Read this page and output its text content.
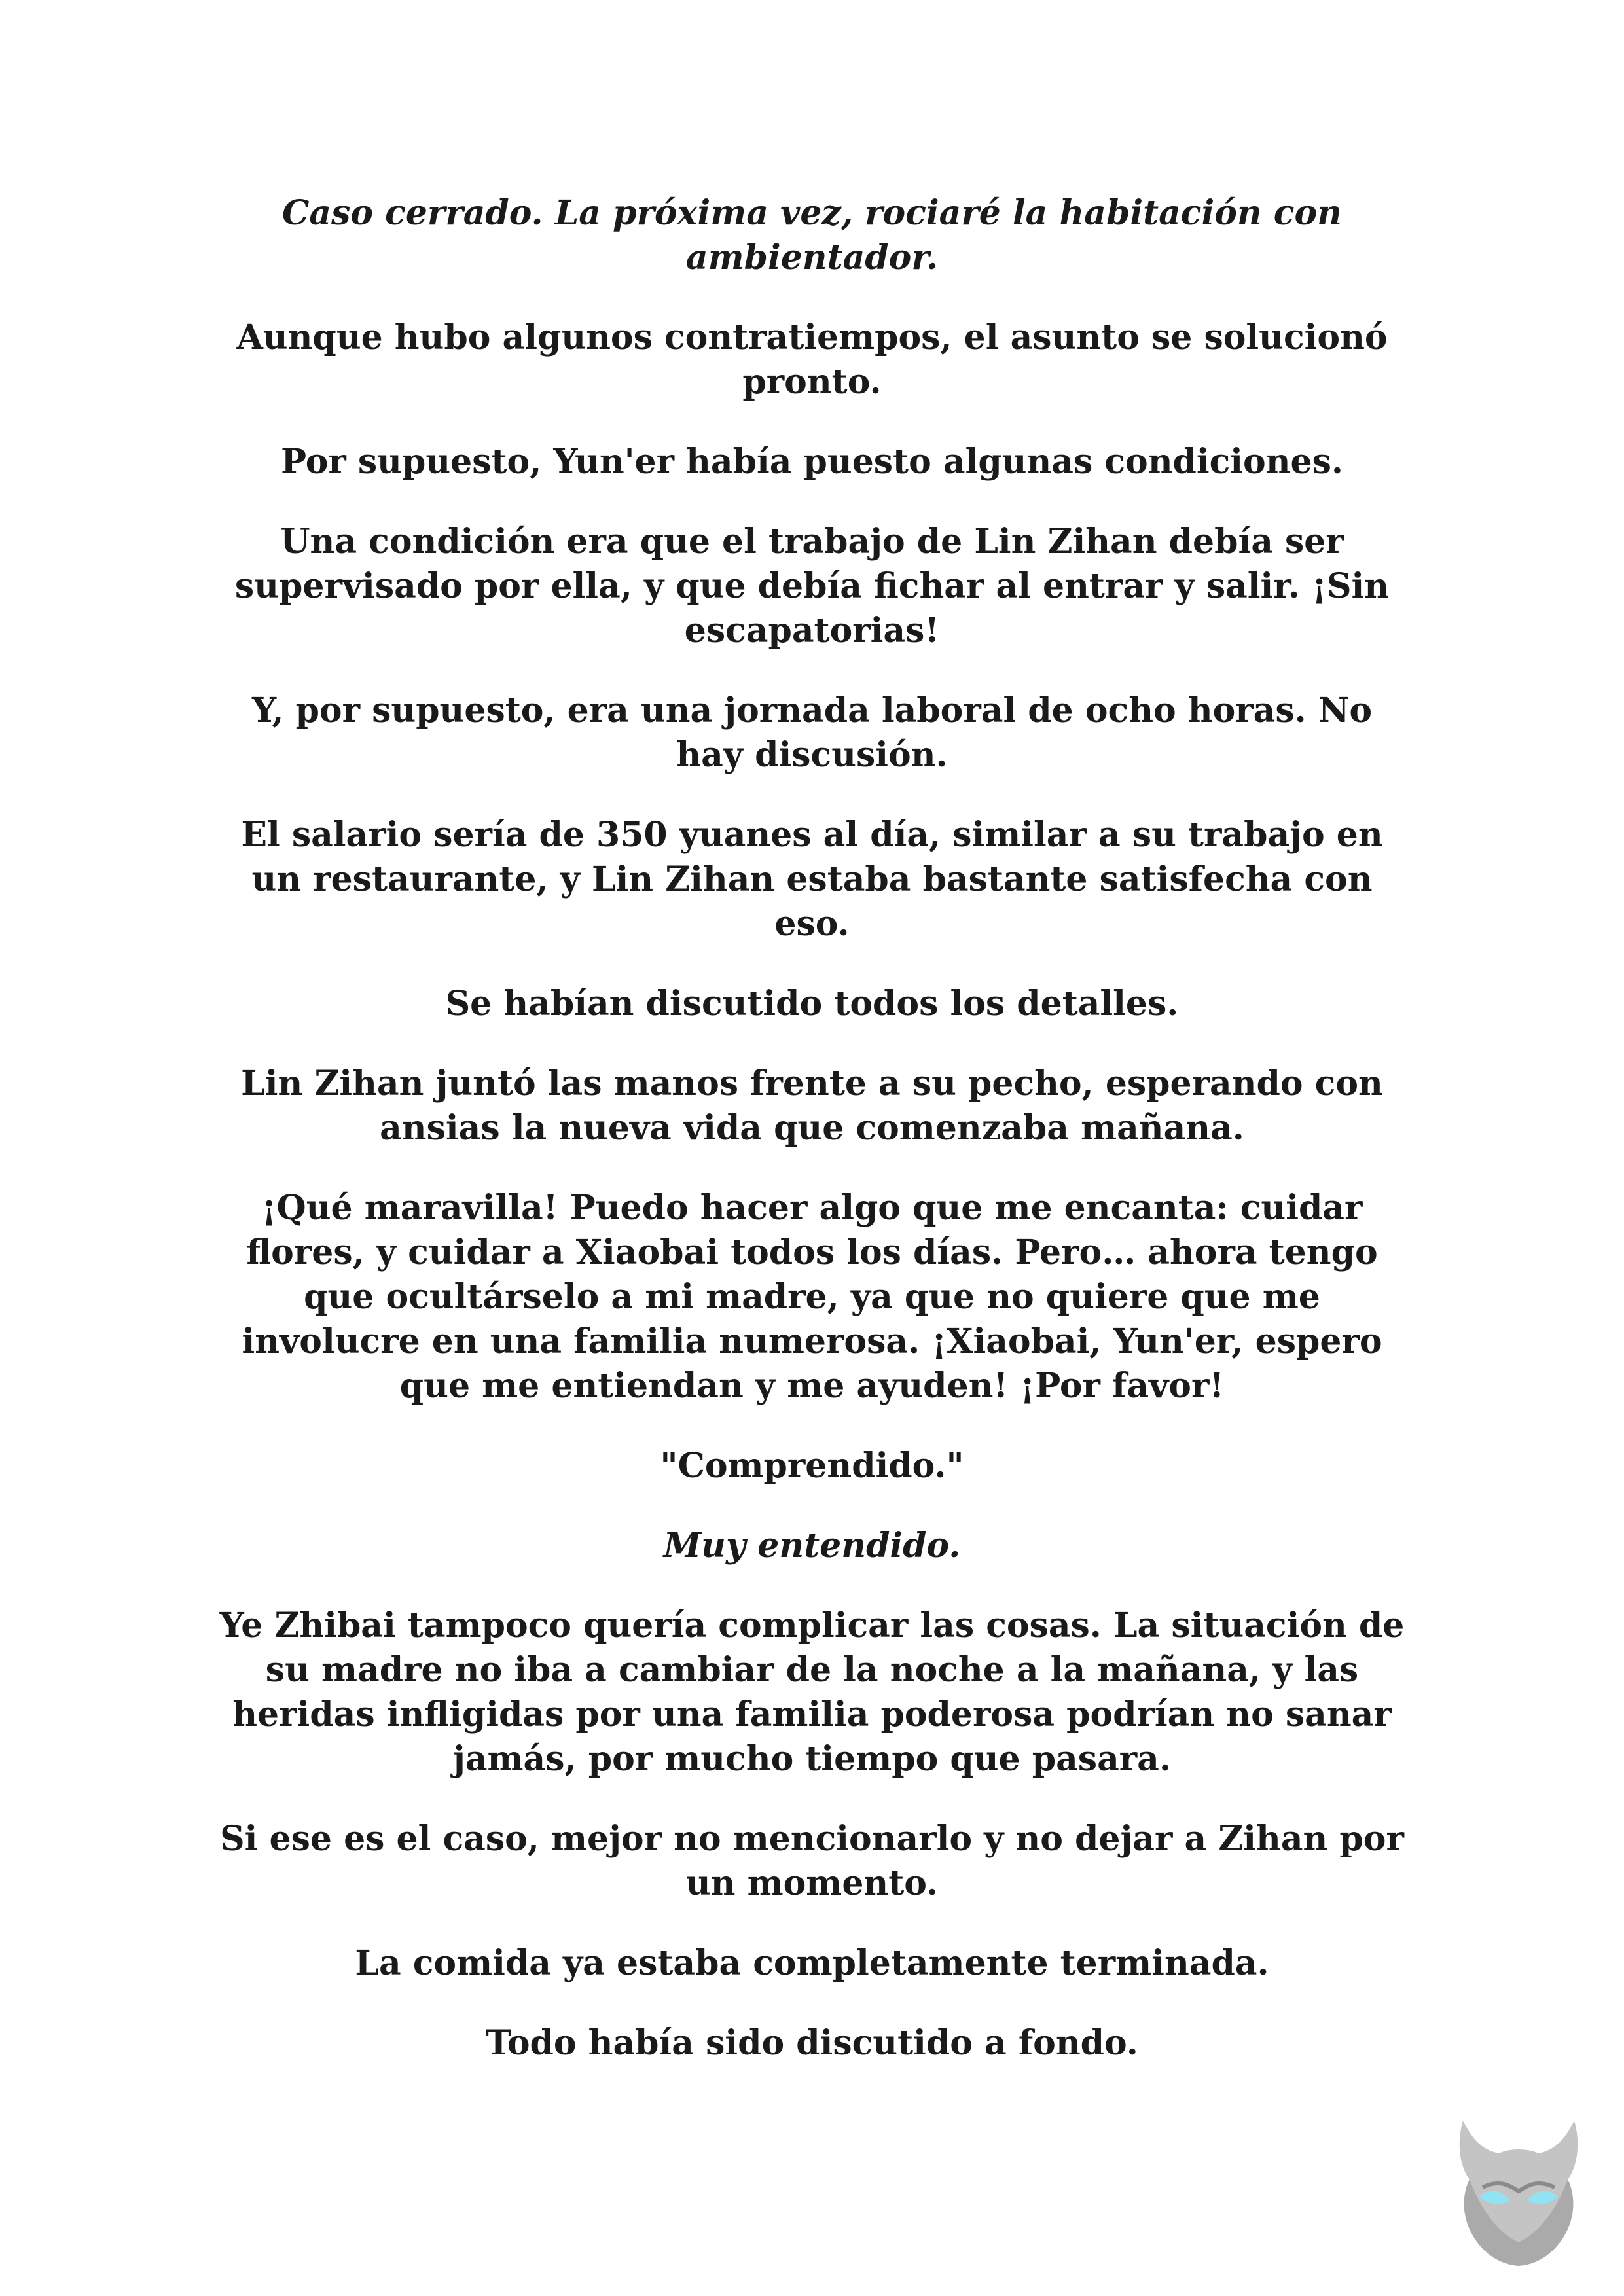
Caso cerrado. La próxima vez, rociaré la habitación con ambientador.

Aunque hubo algunos contratiempos, el asunto se solucionó pronto.

Por supuesto, Yun'er había puesto algunas condiciones.

Una condición era que el trabajo de Lin Zihan debía ser supervisado por ella, y que debía fichar al entrar y salir. ¡Sin escapatorias!

Y, por supuesto, era una jornada laboral de ocho horas. No hay discusión.

El salario sería de 350 yuanes al día, similar a su trabajo en un restaurante, y Lin Zihan estaba bastante satisfecha con eso.

Se habían discutido todos los detalles.

Lin Zihan juntó las manos frente a su pecho, esperando con ansias la nueva vida que comenzaba mañana.

¡Qué maravilla! Puedo hacer algo que me encanta: cuidar flores, y cuidar a Xiaobai todos los días. Pero… ahora tengo que ocultárselo a mi madre, ya que no quiere que me involucre en una familia numerosa. ¡Xiaobai, Yun'er, espero que me entiendan y me ayuden! ¡Por favor!

"Comprendido."

Muy entendido.

Ye Zhibai tampoco quería complicar las cosas. La situación de su madre no iba a cambiar de la noche a la mañana, y las heridas infligidas por una familia poderosa podrían no sanar jamás, por mucho tiempo que pasara.

Si ese es el caso, mejor no mencionarlo y no dejar a Zihan por un momento.

La comida ya estaba completamente terminada.

Todo había sido discutido a fondo.
